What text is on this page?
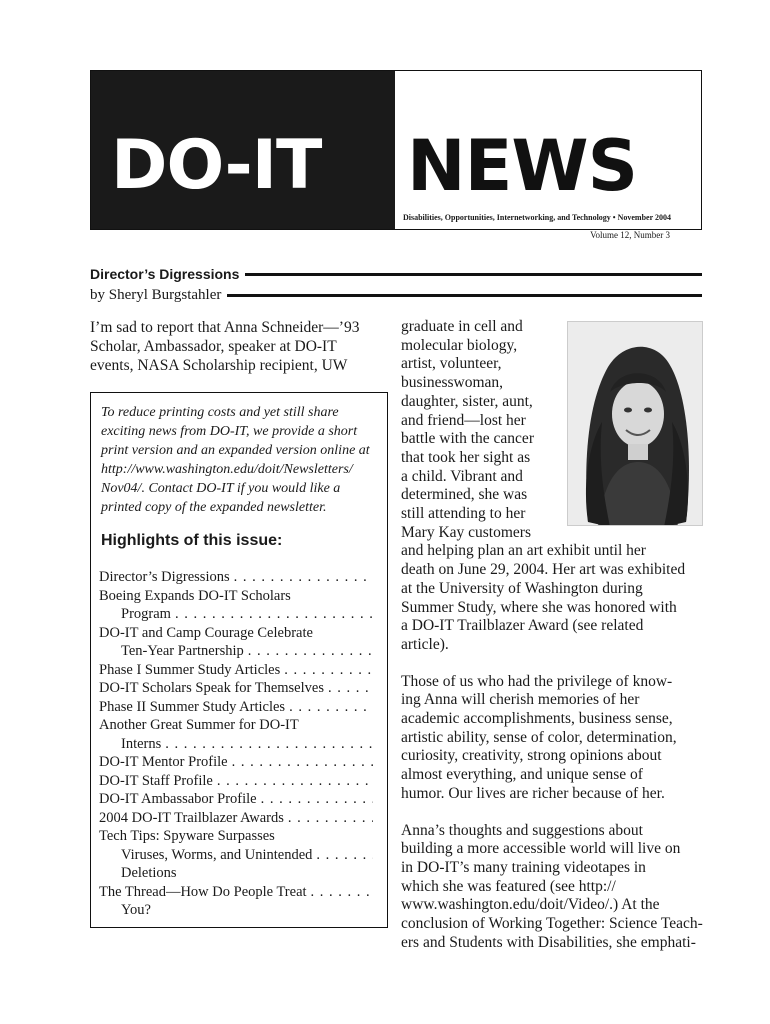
DO-IT NEWS
Disabilities, Opportunities, Internetworking, and Technology • November 2004
Volume 12, Number 3
Director’s Digressions
by Sheryl Burgstahler
I’m sad to report that Anna Schneider—’93
Scholar, Ambassador, speaker at DO-IT
events, NASA Scholarship recipient, UW
To reduce printing costs and yet still share
exciting news from DO-IT, we provide a short
print version and an expanded version online at
http://www.washington.edu/doit/Newsletters/
Nov04/. Contact DO-IT if you would like a
printed copy of the expanded newsletter.
Highlights of this issue:
Director’s Digressions
. . .
Boeing Expands DO-IT Scholars
Program
. . .
DO-IT and Camp Courage Celebrate
Ten-Year Partnership
. . .
Phase I Summer Study Articles
. . .
DO-IT Scholars Speak for Themselves
. . .
Phase II Summer Study Articles
. . .
Another Great Summer for DO-IT
Interns
. . .
DO-IT Mentor Profile
. . .
DO-IT Staff Profile
. . .
DO-IT Ambassabor Profile
. . .
2004 DO-IT Trailblazer Awards
. . .
Tech Tips: Spyware Surpasses
Viruses, Worms, and Unintended
. . .
Deletions
The Thread—How Do People Treat
. . .
You?

graduate in cell and
molecular biology,
artist, volunteer,
businesswoman,
daughter, sister, aunt,
and friend—lost her
battle with the cancer
that took her sight as
a child. Vibrant and
determined, she was
still attending to her
Mary Kay customers
and helping plan an art exhibit until her
death on June 29, 2004. Her art was exhibited
at the University of Washington during
Summer Study, where she was honored with
a DO-IT Trailblazer Award (see related
article).

Those of us who had the privilege of know-
ing Anna will cherish memories of her
academic accomplishments, business sense,
artistic ability, sense of color, determination,
curiosity, creativity, strong opinions about
almost everything, and unique sense of
humor. Our lives are richer because of her.

Anna’s thoughts and suggestions about
building a more accessible world will live on
in DO-IT’s many training videotapes in
which she was featured (see http://
www.washington.edu/doit/Video/.) At the
conclusion of Working Together: Science Teach-
ers and Students with Disabilities, she emphati-
